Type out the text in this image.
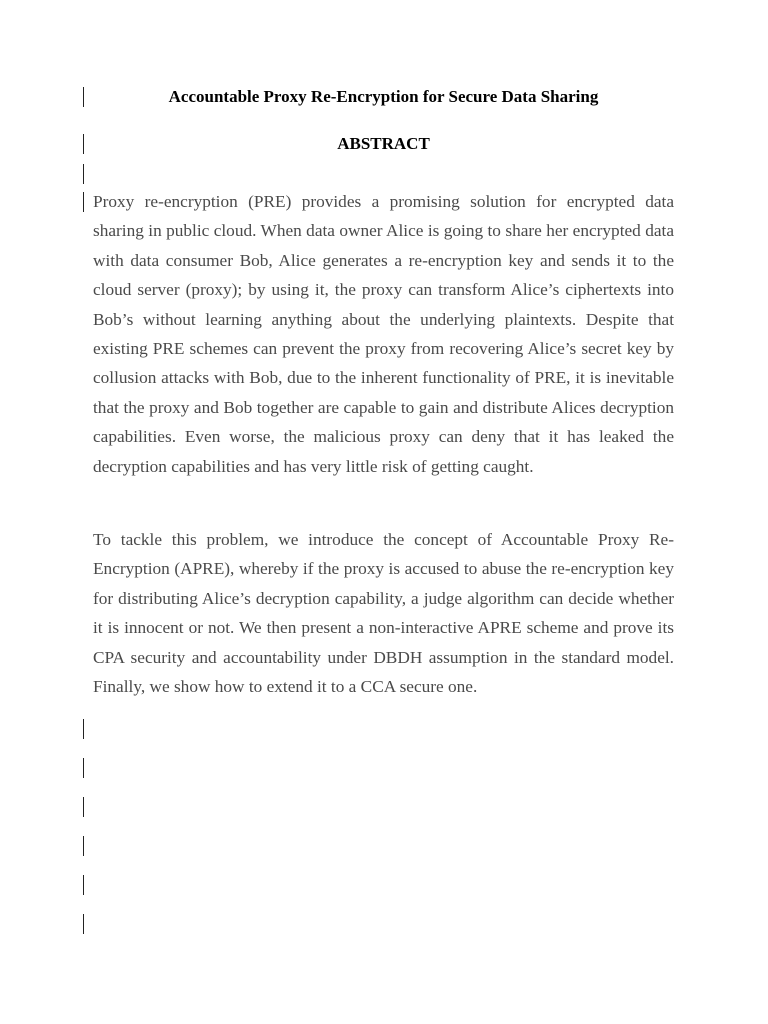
Accountable Proxy Re-Encryption for Secure Data Sharing
ABSTRACT

Proxy re-encryption (PRE) provides a promising solution for encrypted data sharing in public cloud. When data owner Alice is going to share her encrypted data with data consumer Bob, Alice generates a re-encryption key and sends it to the cloud server (proxy); by using it, the proxy can transform Alice’s ciphertexts into Bob’s without learning anything about the underlying plaintexts. Despite that existing PRE schemes can prevent the proxy from recovering Alice’s secret key by collusion attacks with Bob, due to the inherent functionality of PRE, it is inevitable that the proxy and Bob together are capable to gain and distribute Alices decryption capabilities. Even worse, the malicious proxy can deny that it has leaked the decryption capabilities and has very little risk of getting caught.

To tackle this problem, we introduce the concept of Accountable Proxy Re-Encryption (APRE), whereby if the proxy is accused to abuse the re-encryption key for distributing Alice’s decryption capability, a judge algorithm can decide whether it is innocent or not. We then present a non-interactive APRE scheme and prove its CPA security and accountability under DBDH assumption in the standard model. Finally, we show how to extend it to a CCA secure one.
